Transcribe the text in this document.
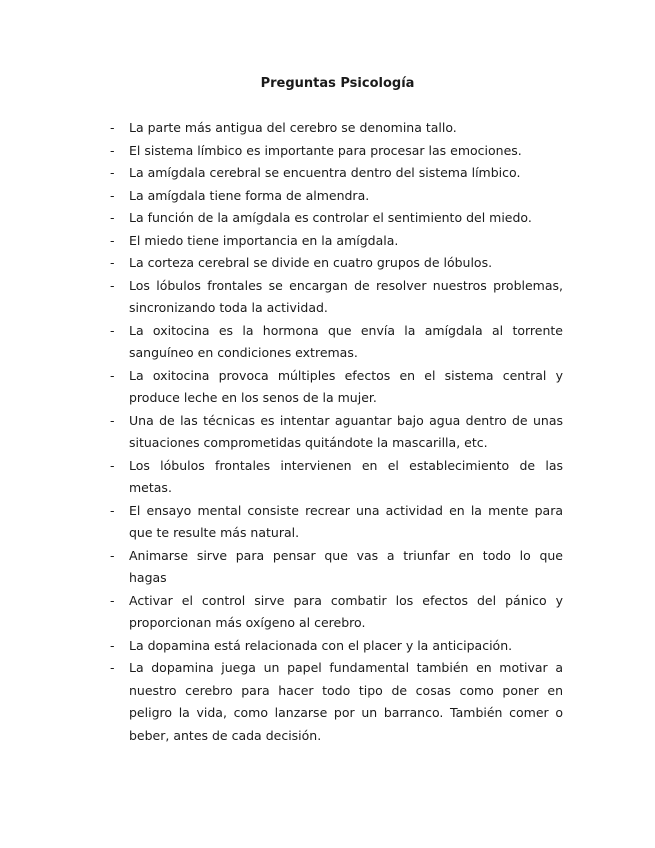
Preguntas Psicología
- La parte más antigua del cerebro se denomina tallo.
- El sistema límbico es importante para procesar las emociones.
- La amígdala cerebral se encuentra dentro del sistema límbico.
- La amígdala tiene forma de almendra.
- La función de la amígdala es controlar el sentimiento del miedo.
- El miedo tiene importancia en la amígdala.
- La corteza cerebral se divide en cuatro grupos de lóbulos.
- Los lóbulos frontales se encargan de resolver nuestros problemas,
sincronizando toda la actividad.
- La oxitocina es la hormona que envía la amígdala al torrente
sanguíneo en condiciones extremas.
- La oxitocina provoca múltiples efectos en el sistema central y
produce leche en los senos de la mujer.
- Una de las técnicas es intentar aguantar bajo agua dentro de unas
situaciones comprometidas quitándote la mascarilla, etc.
- Los lóbulos frontales intervienen en el establecimiento de las
metas.
- El ensayo mental consiste recrear una actividad en la mente para
que te resulte más natural.
- Animarse sirve para pensar que vas a triunfar en todo lo que
hagas
- Activar el control sirve para combatir los efectos del pánico y
proporcionan más oxígeno al cerebro.
- La dopamina está relacionada con el placer y la anticipación.
- La dopamina juega un papel fundamental también en motivar a
nuestro cerebro para hacer todo tipo de cosas como poner en
peligro la vida, como lanzarse por un barranco. También comer o
beber, antes de cada decisión.
